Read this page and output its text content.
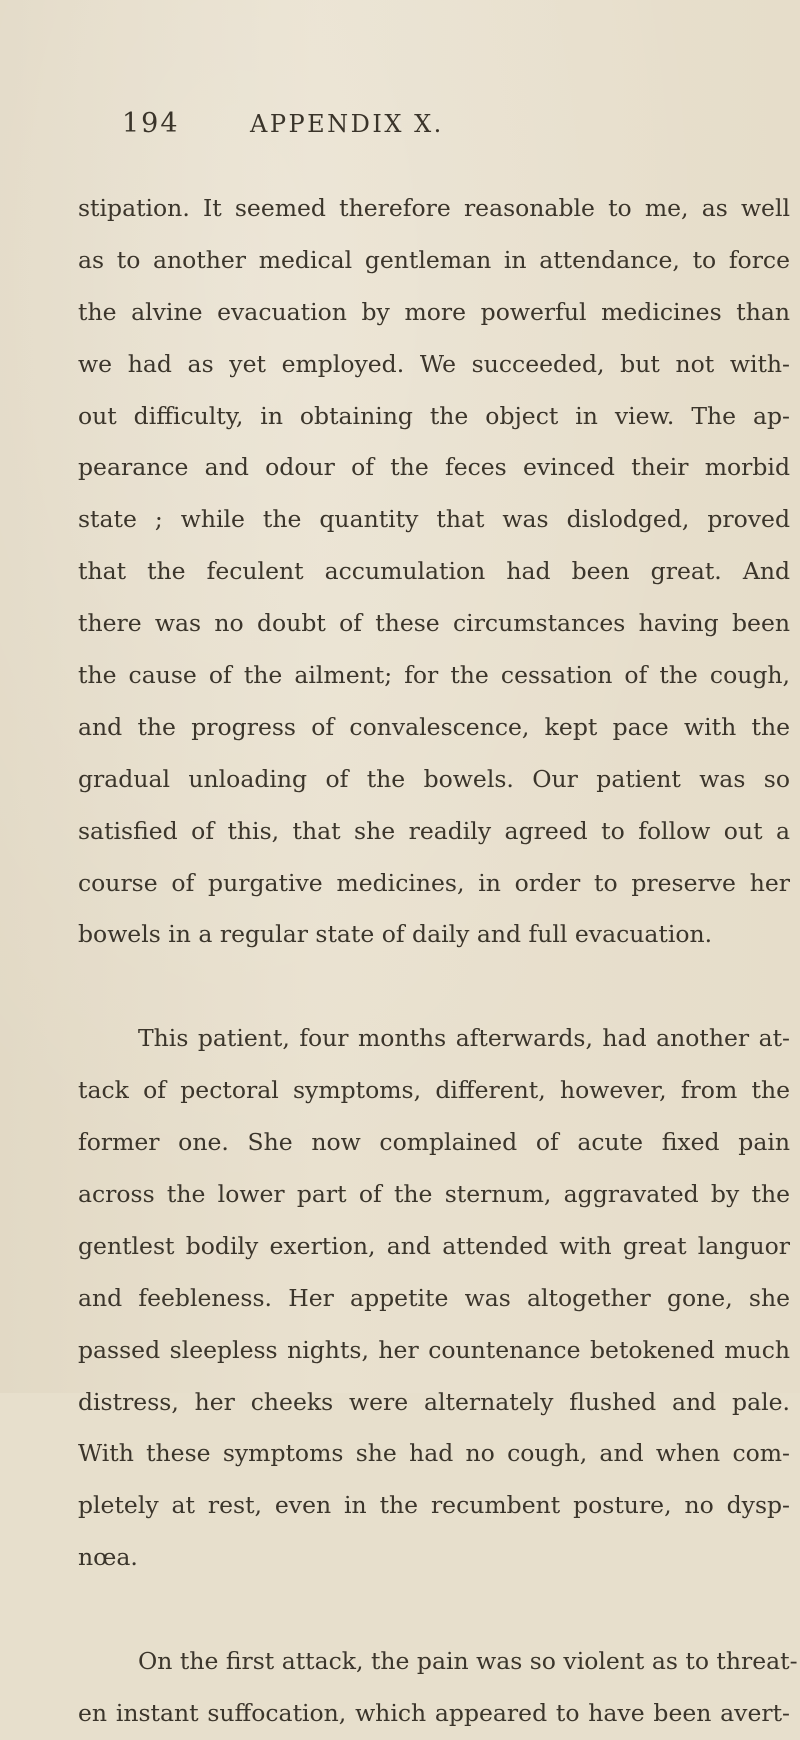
194	APPENDIX X.
stipation. It seemed therefore reasonable to me, as well
as to another medical gentleman in attendance, to force
the alvine evacuation by more powerful medicines than
we had as yet employed. We succeeded, but not with-
out difficulty, in obtaining the object in view. The ap-
pearance and odour of the feces evinced their morbid
state ; while the quantity that was dislodged, proved
that the feculent accumulation had been great. And
there was no doubt of these circumstances having been
the cause of the ailment; for the cessation of the cough,
and the progress of convalescence, kept pace with the
gradual unloading of the bowels. Our patient was so
satisfied of this, that she readily agreed to follow out a
course of purgative medicines, in order to preserve her
bowels in a regular state of daily and full evacuation.
This patient, four months afterwards, had another at-
tack of pectoral symptoms, different, however, from the
former one. She now complained of acute fixed pain
across the lower part of the sternum, aggravated by the
gentlest bodily exertion, and attended with great languor
and feebleness. Her appetite was altogether gone, she
passed sleepless nights, her countenance betokened much
distress, her cheeks were alternately flushed and pale.
With these symptoms she had no cough, and when com-
pletely at rest, even in the recumbent posture, no dysp-
nœa.
On the first attack, the pain was so violent as to threat-
en instant suffocation, which appeared to have been avert-
